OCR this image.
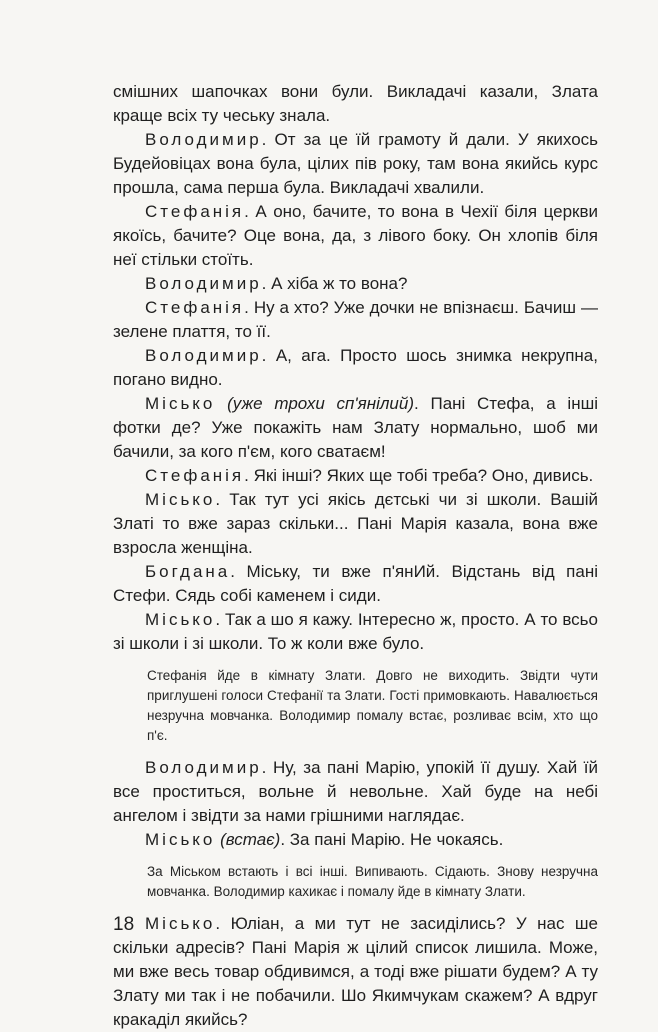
смішних шапочках вони були. Викладачі казали, Злата краще всіх ту чеську знала.

Володимир. От за це їй грамоту й дали. У якихось Будейовіцах вона була, цілих пів року, там вона якийсь курс прошла, сама перша була. Викладачі хвалили.

Стефанія. А оно, бачите, то вона в Чехії біля церкви якоїсь, бачите? Оце вона, да, з лівого боку. Он хлопів біля неї стільки стоїть.

Володимир. А хіба ж то вона?

Стефанія. Ну а хто? Уже дочки не впізнаєш. Бачиш — зелене плаття, то її.

Володимир. А, ага. Просто шось знимка некрупна, погано видно.

Місько (уже трохи сп'янілий). Пані Стефа, а інші фотки де? Уже покажіть нам Злату нормально, шоб ми бачили, за кого п'єм, кого сватаєм!

Стефанія. Які інші? Яких ще тобі треба? Оно, дивись.

Місько. Так тут усі якісь дєтські чи зі школи. Вашій Златі то вже зараз скільки... Пані Марія казала, вона вже взросла женщіна.

Богдана. Міську, ти вже п'янИй. Відстань від пані Стефи. Сядь собі каменем і сиди.

Місько. Так а шо я кажу. Інтересно ж, просто. А то всьо зі школи і зі школи. То ж коли вже було.

Стефанія йде в кімнату Злати. Довго не виходить. Звідти чути приглушені голоси Стефанії та Злати. Гості примовкають. Навалюється незручна мовчанка. Володимир помалу встає, розливає всім, хто що п'є.

Володимир. Ну, за пані Марію, упокій її душу. Хай їй все проститься, вольне й невольне. Хай буде на небі ангелом і звідти за нами грішними наглядає.

Місько (встає). За пані Марію. Не чокаясь.

За Міськом встають і всі інші. Випивають. Сідають. Знову незручна мовчанка. Володимир кахикає і помалу йде в кімнату Злати.

Місько. Юліан, а ми тут не засиділись? У нас ше скільки адресів? Пані Марія ж цілий список лишила. Може, ми вже весь товар обдивимся, а тоді вже рішати будем? А ту Злату ми так і не побачили. Шо Якимчукам скажем? А вдруг кракаділ якийсь?

18
